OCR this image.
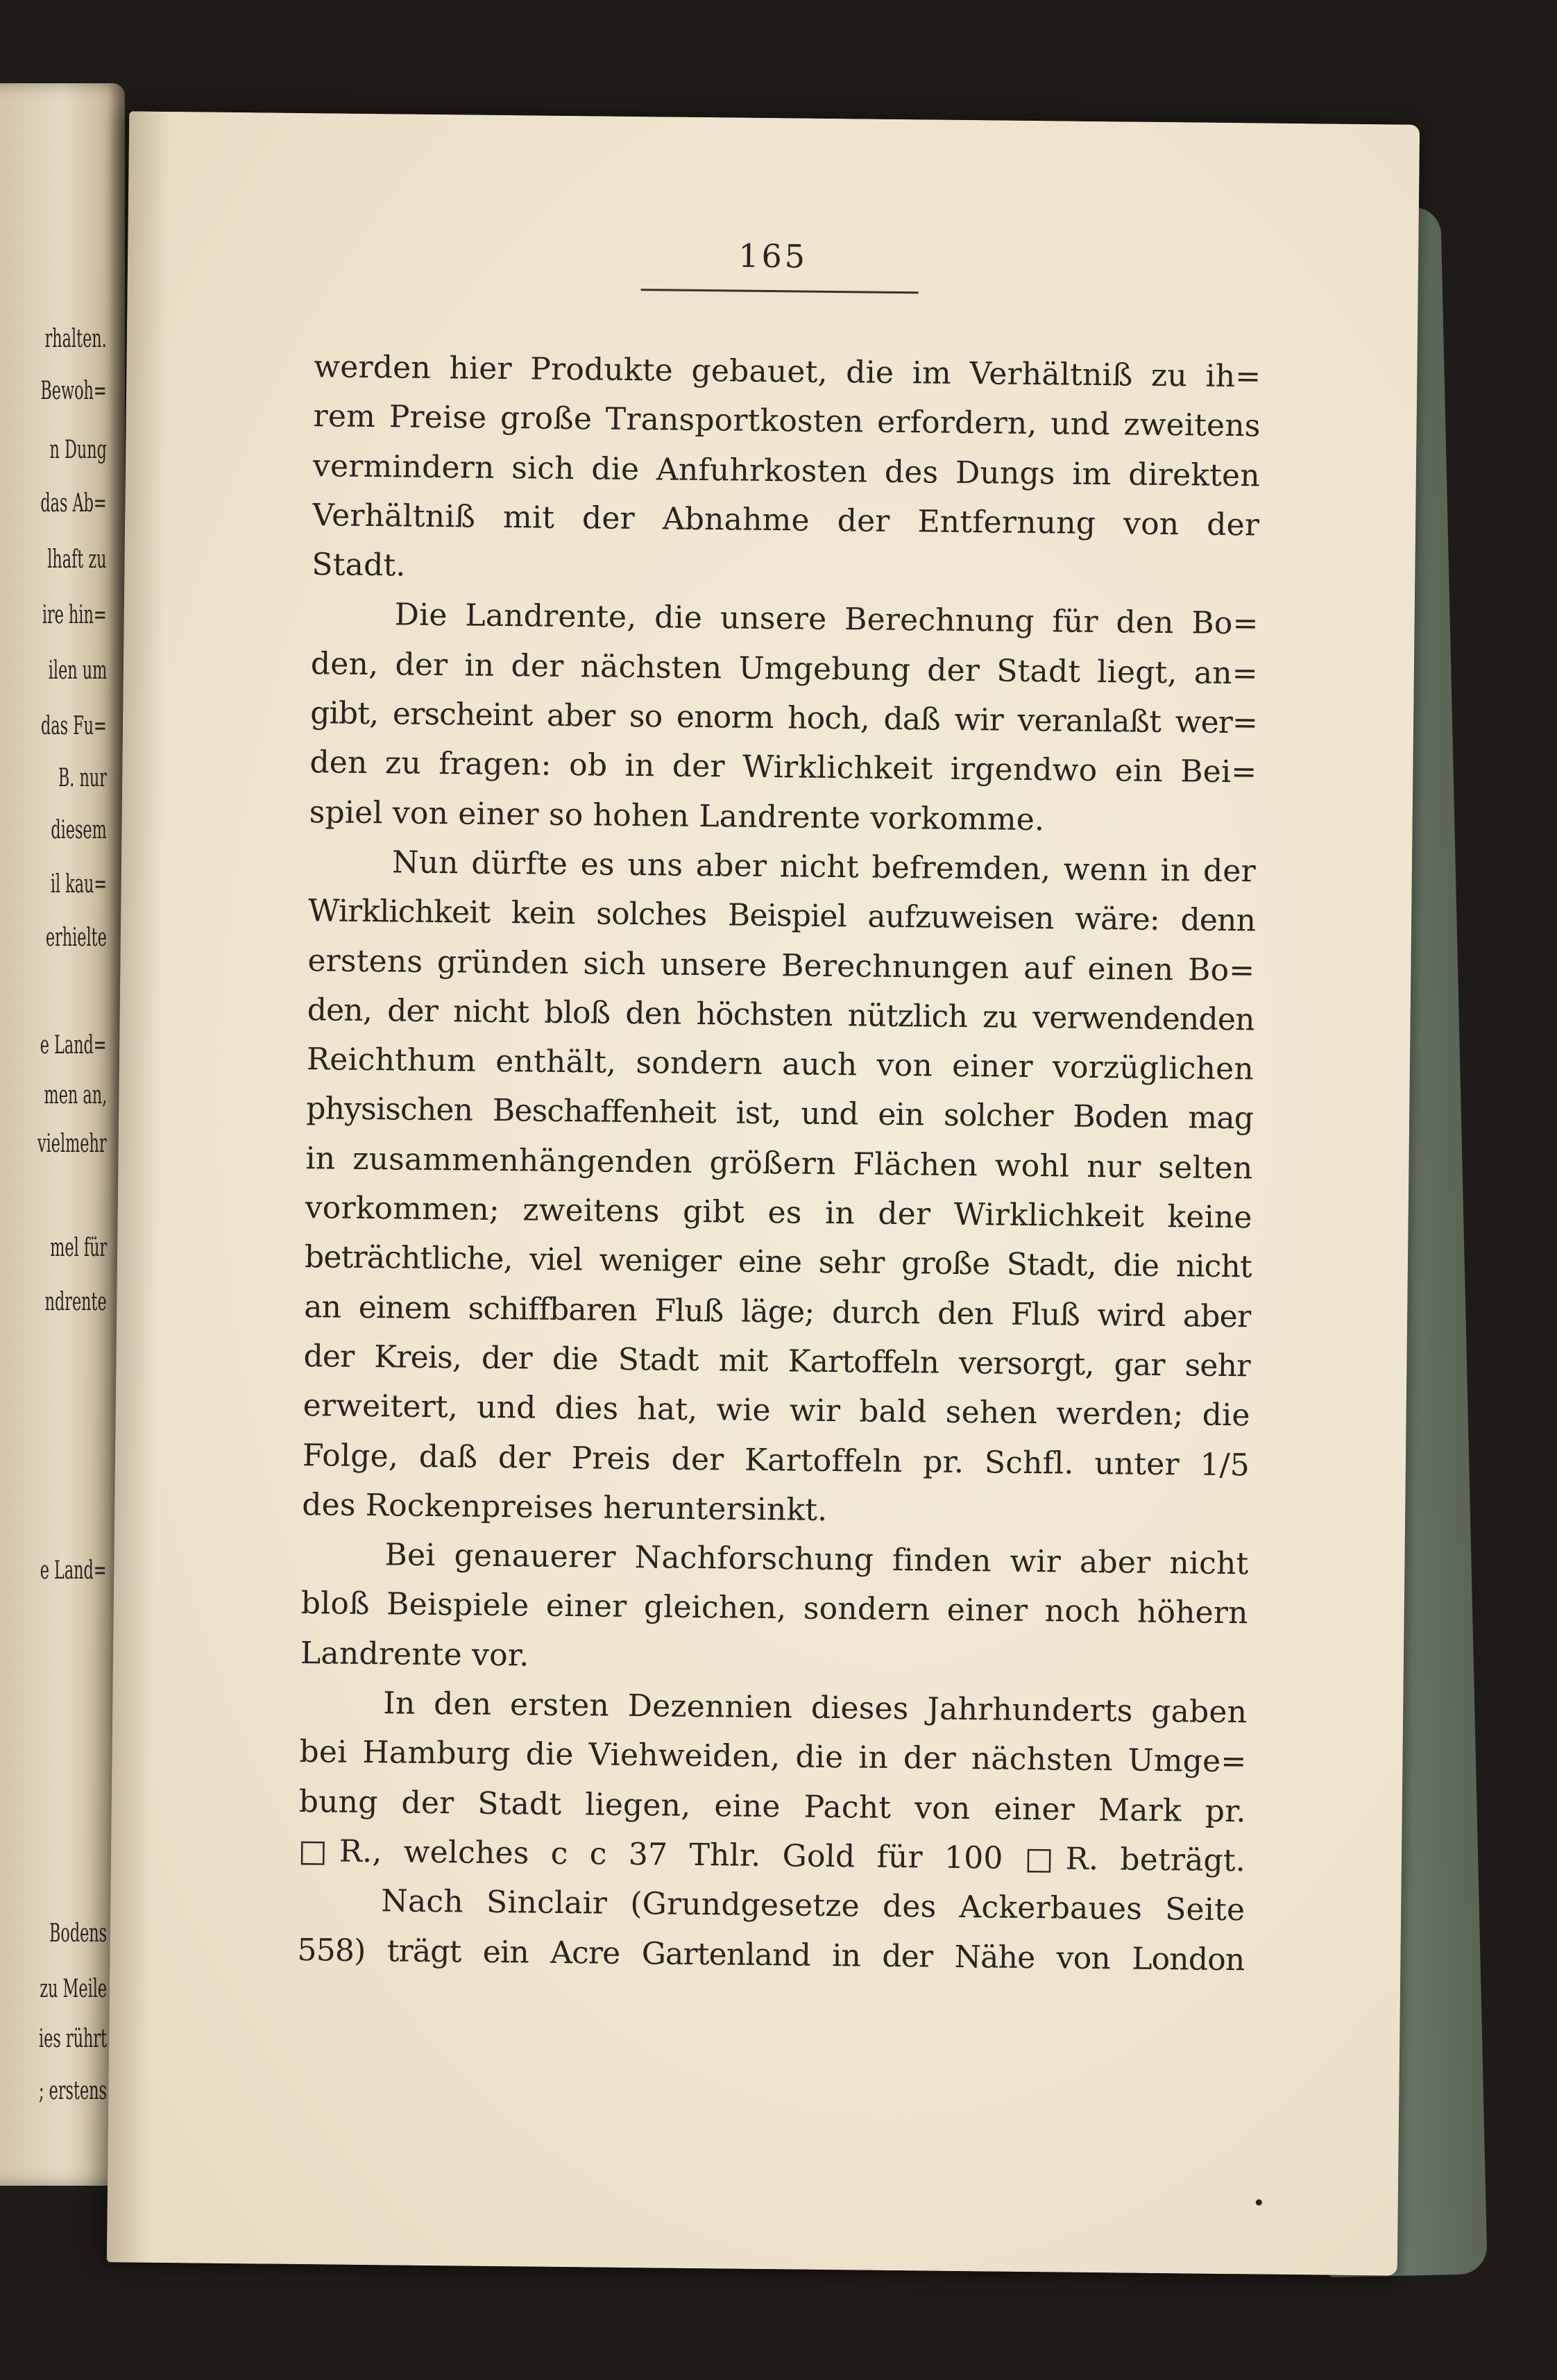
rhalten.
Bewoh=
n Dung
das Ab=
lhaft zu
ire hin=
ilen um
das Fu=
B. nur
diesem
il kau=
erhielte
e Land=
men an,
vielmehr
mel für
ndrente
e Land=
Bodens
zu Meile
ies rührt
; erstens
165
werden hier Produkte gebauet, die im Verhältniß zu ih=
rem Preise große Transportkosten erfordern, und zweitens
vermindern sich die Anfuhrkosten des Dungs im direkten
Verhältniß mit der Abnahme der Entfernung von der
Stadt.
Die Landrente, die unsere Berechnung für den Bo=
den, der in der nächsten Umgebung der Stadt liegt, an=
gibt, erscheint aber so enorm hoch, daß wir veranlaßt wer=
den zu fragen: ob in der Wirklichkeit irgendwo ein Bei=
spiel von einer so hohen Landrente vorkomme.
Nun dürfte es uns aber nicht befremden, wenn in der
Wirklichkeit kein solches Beispiel aufzuweisen wäre: denn
erstens gründen sich unsere Berechnungen auf einen Bo=
den, der nicht bloß den höchsten nützlich zu verwendenden
Reichthum enthält, sondern auch von einer vorzüglichen
physischen Beschaffenheit ist, und ein solcher Boden mag
in zusammenhängenden größern Flächen wohl nur selten
vorkommen; zweitens gibt es in der Wirklichkeit keine
beträchtliche, viel weniger eine sehr große Stadt, die nicht
an einem schiffbaren Fluß läge; durch den Fluß wird aber
der Kreis, der die Stadt mit Kartoffeln versorgt, gar sehr
erweitert, und dies hat, wie wir bald sehen werden; die
Folge, daß der Preis der Kartoffeln pr. Schfl. unter 1/5
des Rockenpreises heruntersinkt.
Bei genauerer Nachforschung finden wir aber nicht
bloß Beispiele einer gleichen, sondern einer noch höhern
Landrente vor.
In den ersten Dezennien dieses Jahrhunderts gaben
bei Hamburg die Viehweiden, die in der nächsten Umge=
bung der Stadt liegen, eine Pacht von einer Mark pr.
□R., welches c c 37 Thlr. Gold für 100 □R. beträgt.
Nach Sinclair (Grundgesetze des Ackerbaues Seite
558) trägt ein Acre Gartenland in der Nähe von London
